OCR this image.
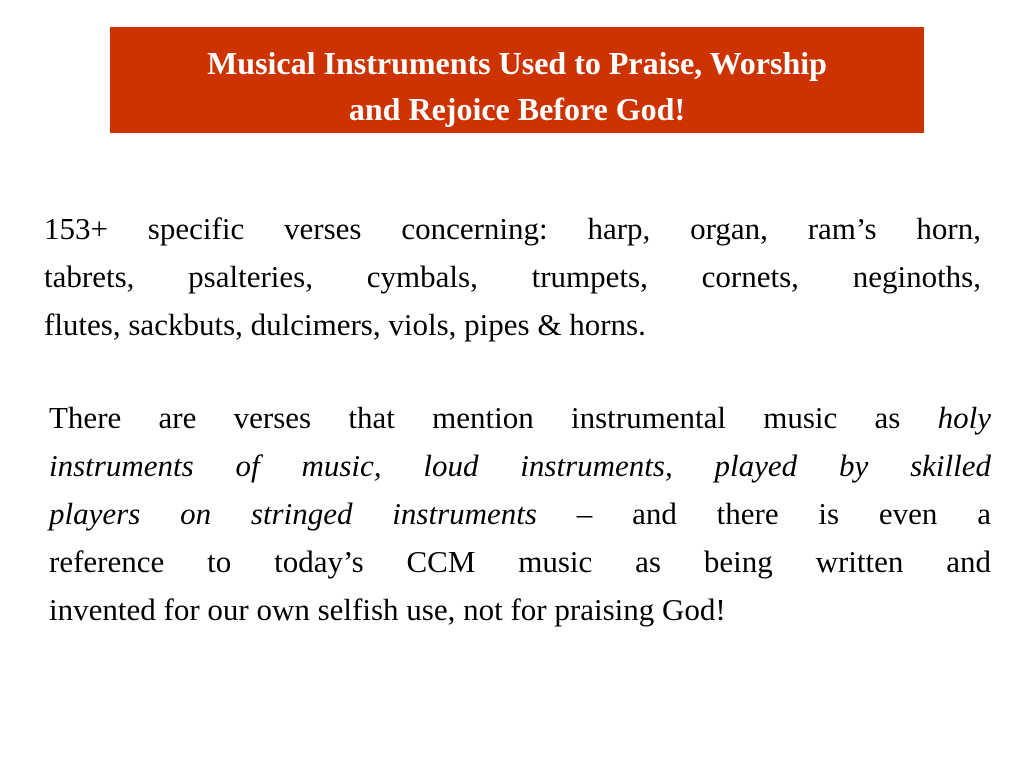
Musical Instruments Used to Praise, Worship
and Rejoice Before God!
153+ specific verses concerning: harp, organ, ram’s horn,
tabrets, psalteries, cymbals, trumpets, cornets, neginoths,
flutes, sackbuts, dulcimers, viols, pipes & horns.
There are verses that mention instrumental music as holy
instruments of music, loud instruments, played by skilled
players on stringed instruments – and there is even a
reference to today’s CCM music as being written and
invented for our own selfish use, not for praising God!
